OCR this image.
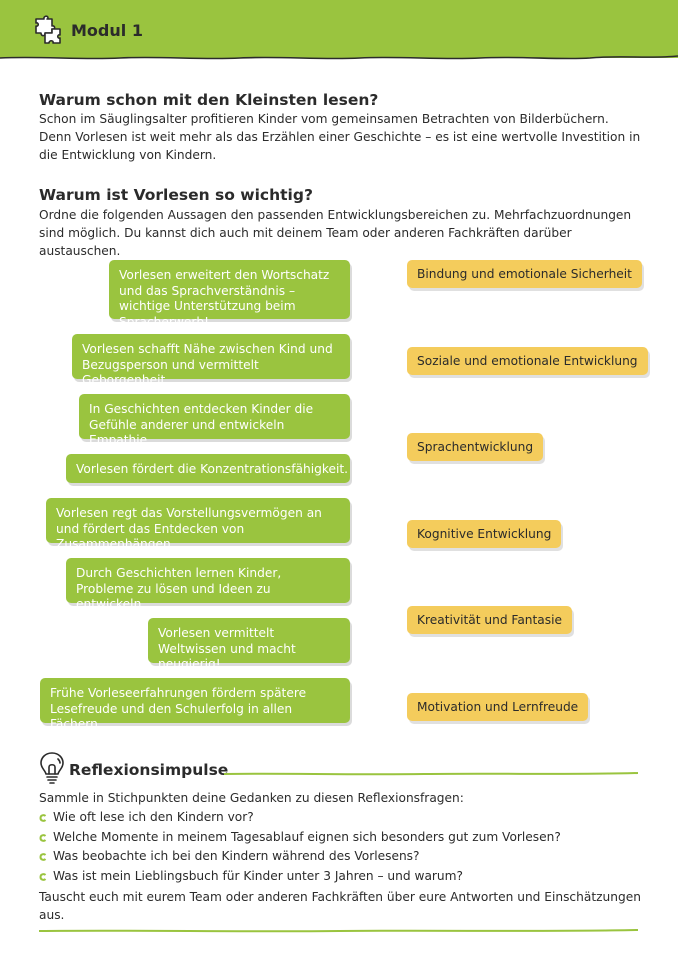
Modul 1
Warum schon mit den Kleinsten lesen?

Schon im Säuglingsalter profitieren Kinder vom gemeinsamen Betrachten von Bilderbüchern.

Denn Vorlesen ist weit mehr als das Erzählen einer Geschichte – es ist eine wertvolle Investition in die Entwicklung von Kindern.

Warum ist Vorlesen so wichtig?

Ordne die folgenden Aussagen den passenden Entwicklungsbereichen zu. Mehrfachzuordnungen sind möglich. Du kannst dich auch mit deinem Team oder anderen Fachkräften darüber austauschen.

Vorlesen erweitert den Wortschatz und das Sprachverständnis – wichtige Unterstützung beim Spracherwerb!
Vorlesen schafft Nähe zwischen Kind und Bezugsperson und vermittelt Geborgenheit.
In Geschichten entdecken Kinder die Gefühle anderer und entwickeln Empathie.
Vorlesen fördert die Konzentrationsfähigkeit.
Vorlesen regt das Vorstellungsvermögen an und fördert das Entdecken von Zusammenhängen.
Durch Geschichten lernen Kinder, Probleme zu lösen und Ideen zu entwickeln.
Vorlesen vermittelt Weltwissen und macht neugierig!
Frühe Vorleseerfahrungen fördern spätere Lesefreude und den Schulerfolg in allen Fächern.
Bindung und emotionale Sicherheit
Soziale und emotionale Entwicklung
Sprachentwicklung
Kognitive Entwicklung
Kreativität und Fantasie
Motivation und Lernfreude
Reflexionsimpulse

Sammle in Stichpunkten deine Gedanken zu diesen Reflexionsfragen:

Wie oft lese ich den Kindern vor?
Welche Momente in meinem Tagesablauf eignen sich besonders gut zum Vorlesen?
Was beobachte ich bei den Kindern während des Vorlesens?
Was ist mein Lieblingsbuch für Kinder unter 3 Jahren – und warum?

Tauscht euch mit eurem Team oder anderen Fachkräften über eure Antworten und Einschätzungen aus.
